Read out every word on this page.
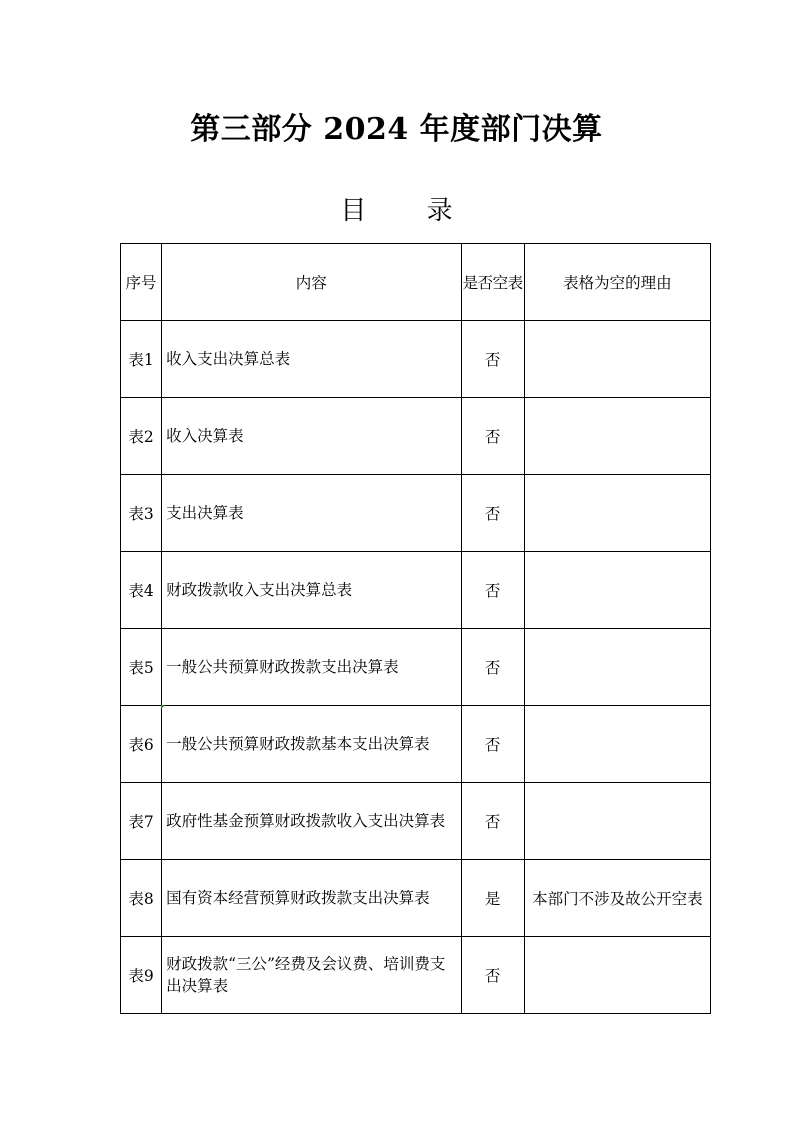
第三部分 2024 年度部门决算
目 录
序号	内容	是否空表	表格为空的理由
表1	收入支出决算总表	否	
表2	收入决算表	否	
表3	支出决算表	否	
表4	财政拨款收入支出决算总表	否	
表5	一般公共预算财政拨款支出决算表	否	
表6	一般公共预算财政拨款基本支出决算表	否	
表7	政府性基金预算财政拨款收入支出决算表	否	
表8	国有资本经营预算财政拨款支出决算表	是	本部门不涉及故公开空表
表9	财政拨款“三公”经费及会议费、培训费支出决算表	否	
